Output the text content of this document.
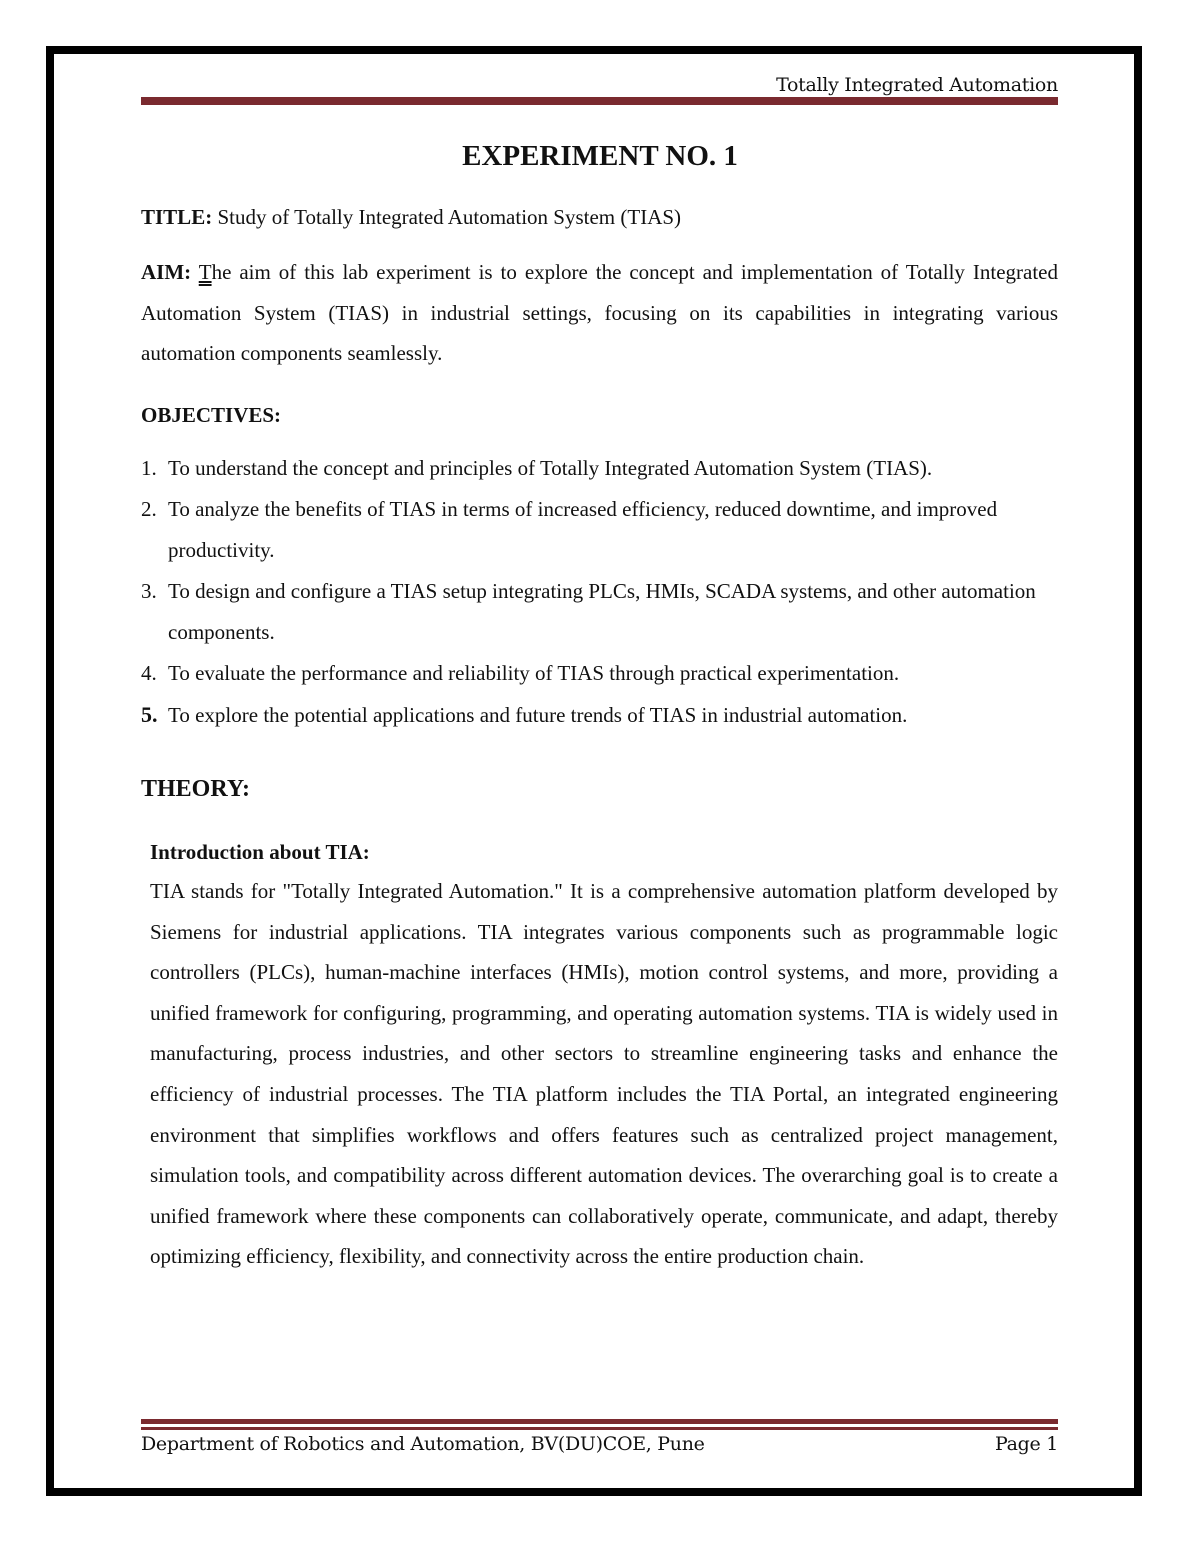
Totally Integrated Automation
EXPERIMENT NO. 1

TITLE: Study of Totally Integrated Automation System (TIAS)

AIM: The aim of this lab experiment is to explore the concept and implementation of Totally Integrated Automation System (TIAS) in industrial settings, focusing on its capabilities in integrating various automation components seamlessly.

OBJECTIVES:

1. To understand the concept and principles of Totally Integrated Automation System (TIAS).
2. To analyze the benefits of TIAS in terms of increased efficiency, reduced downtime, and improved productivity.
3. To design and configure a TIAS setup integrating PLCs, HMIs, SCADA systems, and other automation components.
4. To evaluate the performance and reliability of TIAS through practical experimentation.
5. To explore the potential applications and future trends of TIAS in industrial automation.

THEORY:

Introduction about TIA:

TIA stands for "Totally Integrated Automation." It is a comprehensive automation platform developed by Siemens for industrial applications. TIA integrates various components such as programmable logic controllers (PLCs), human-machine interfaces (HMIs), motion control systems, and more, providing a unified framework for configuring, programming, and operating automation systems. TIA is widely used in manufacturing, process industries, and other sectors to streamline engineering tasks and enhance the efficiency of industrial processes. The TIA platform includes the TIA Portal, an integrated engineering environment that simplifies workflows and offers features such as centralized project management, simulation tools, and compatibility across different automation devices. The overarching goal is to create a unified framework where these components can collaboratively operate, communicate, and adapt, thereby optimizing efficiency, flexibility, and connectivity across the entire production chain.

Department of Robotics and Automation, BV(DU)COE, Pune	Page 1
